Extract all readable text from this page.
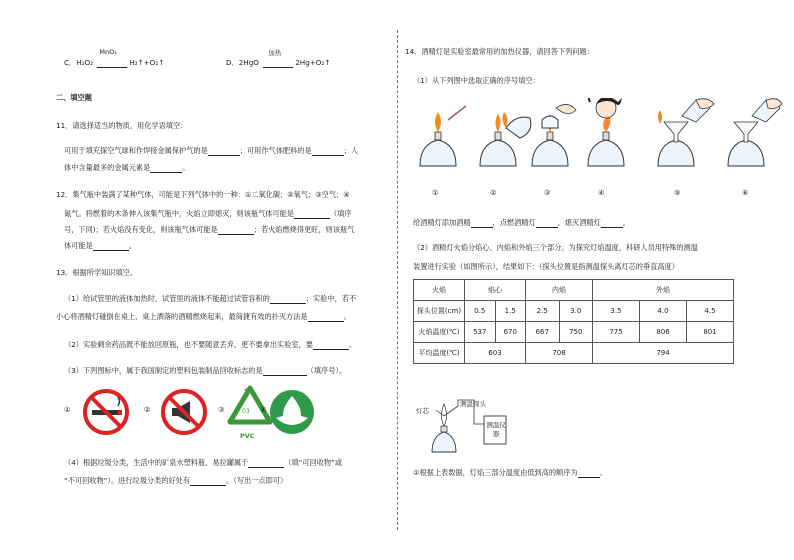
C．H₂O₂
MnO₂
H₂↑+O₂↑	D．2HgO
加热
2Hg+O₂↑
二、填空题
11．请选择适当的物质，用化学语填空：
可用于填充探空气球和作焊接金属保护气的是	；可用作气体肥料的是	；人
体中含量最多的金属元素是	。
12．集气瓶中装满了某种气体，可能是下列气体中的一种：①二氧化碳；②氧气；③空气；④
氮气。将燃着的木条伸入该集气瓶中，火焰立即熄灭，则该瓶气体可能是	（填序
号，下同)；若火焰没有变化，则该瓶气体可能是	；若火焰燃烧得更旺，则该瓶气
体可能是	。
13．根据所学知识填空。
（1）给试管里的液体加热时，试管里的液体不能超过试管容积的	；实验中，若不
小心将酒精灯碰倒在桌上，桌上洒落的酒精燃烧起来，最简捷有效的扑灭方法是	。
（2）实验剩余药品既不能放回原瓶，也不要随意丢弃，更不要拿出实验室，要	。
（3）下列图标中，属于我国制定的塑料包装制品回收标志的是	（填序号）。
①	②	③	03
PVC
④
（4）根据垃圾分类，生活中的矿泉水塑料瓶、易拉罐属于	（填“可回收物”或
“不可回收物”）。进行垃圾分类的好处有	。（写出一点即可）
14．酒精灯是实验室最常用的加热仪器，请回答下列问题：
（1）从下列图中选取正确的序号填空：
①	②	③	④	⑤	⑥
给酒精灯添加酒精	，点燃酒精灯	，熄灭酒精灯	。
（2）酒精灯火焰分焰心、内焰和外焰三个部分。为探究灯焰温度，科研人员用特殊的测温
装置进行实验（如图所示），结果如下：（探头位置是指测温探头离灯芯的垂直高度）
火焰	焰心		内焰		外焰		
探头位置(cm)	0.5	1.5	2.5	3.0	3.5	4.0	4.5
火焰温度(℃)	537	670	667	750	775	806	801
平均温度(℃)	603		708		794		
灯芯
测温探头
测温仪器
①根据上表数据，灯焰三部分温度由低到高的顺序为	。
